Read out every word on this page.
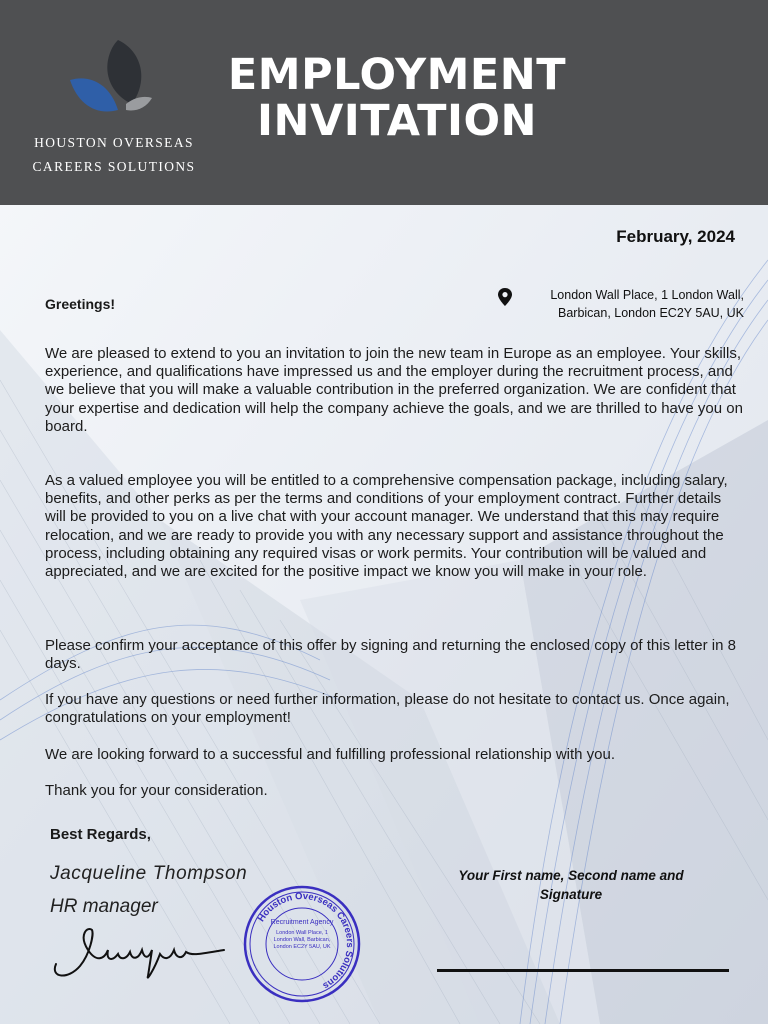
HOUSTON OVERSEAS
CAREERS SOLUTIONS
EMPLOYMENT
INVITATION
February, 2024
London Wall Place, 1 London Wall,
Barbican, London EC2Y 5AU, UK
Greetings!

We are pleased to extend to you an invitation to join the new team in Europe as an employee. Your skills, experience, and qualifications have impressed us and the employer during the recruitment process, and we believe that you will make a valuable contribution in the preferred organization. We are confident that your expertise and dedication will help the company achieve the goals, and we are thrilled to have you on board.

As a valued employee you will be entitled to a comprehensive compensation package, including salary, benefits, and other perks as per the terms and conditions of your employment contract. Further details will be provided to you on a live chat with your account manager. We understand that this may require relocation, and we are ready to provide you with any necessary support and assistance throughout the process, including obtaining any required visas or work permits. Your contribution will be valued and appreciated, and we are excited for the positive impact we know you will make in your role.

Please confirm your acceptance of this offer by signing and returning the enclosed copy of this letter in 8 days.

If you have any questions or need further information, please do not hesitate to contact us. Once again, congratulations on your employment!

We are looking forward to a successful and fulfilling professional relationship with you.

Thank you for your consideration.

Best Regards,
Jacqueline Thompson
HR manager
Houston Overseas Careers Solutions
Recruitment Agency
London Wall Place, 1 London Wall, Barbican, London EC2Y 5AU, UK
Your First name, Second name and Signature
